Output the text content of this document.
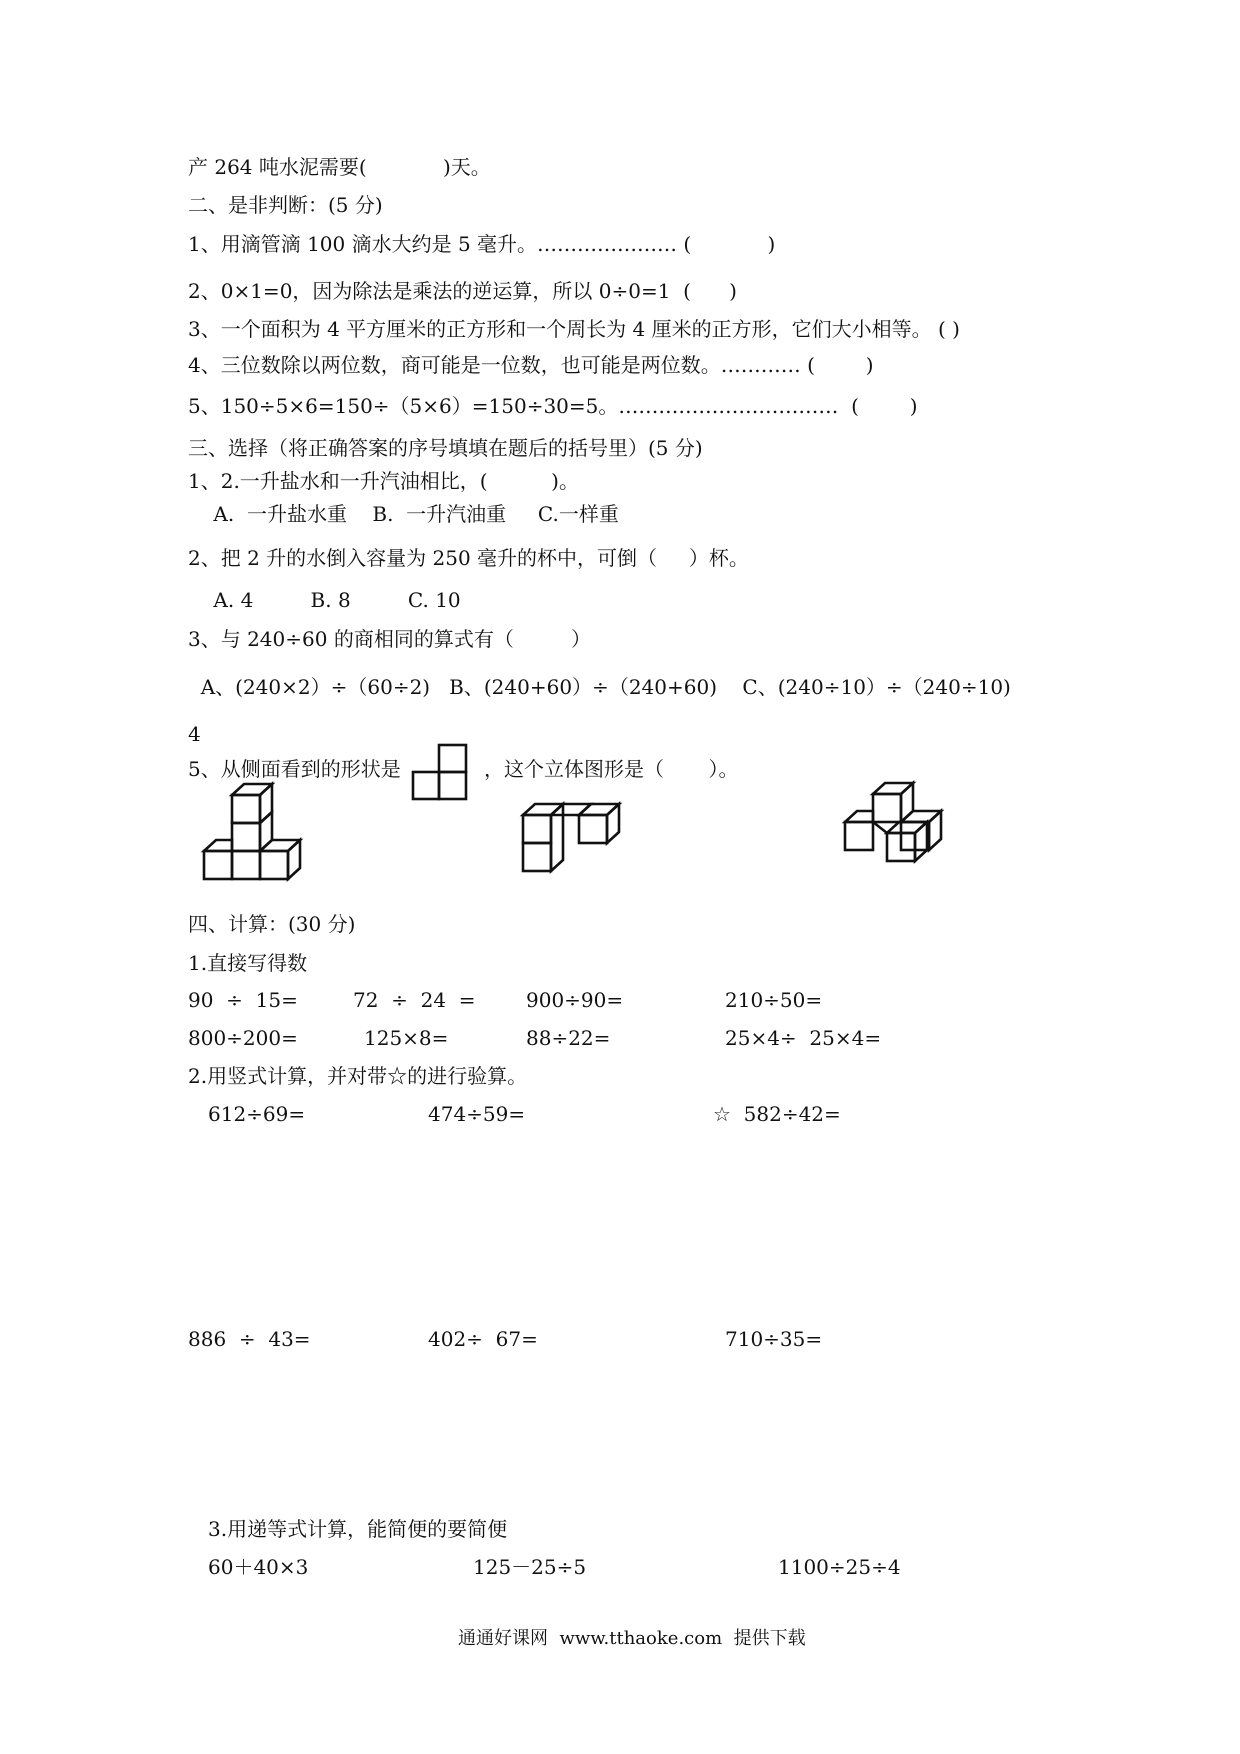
产 264 吨水泥需要(            )天。
二、是非判断：(5 分)
1、用滴管滴 100 滴水大约是 5 毫升。………………… (            )
2、0×1=0，因为除法是乘法的逆运算，所以 0÷0=1  (      )
3、一个面积为 4 平方厘米的正方形和一个周长为 4 厘米的正方形，它们大小相等。 ( )
4、三位数除以两位数，商可能是一位数，也可能是两位数。………… (        )
5、150÷5×6=150÷（5×6）=150÷30=5。……………………………  (        )
三、选择（将正确答案的序号填填在题后的括号里）(5 分)
1、2.一升盐水和一升汽油相比，(          )。
A.  一升盐水重    B.  一升汽油重     C.一样重
2、把 2 升的水倒入容量为 250 毫升的杯中，可倒（     ）杯。
A. 4         B. 8         C. 10
3、与 240÷60 的商相同的算式有（         ）
A、(240×2）÷（60÷2)   B、(240+60）÷（240+60)    C、(240÷10）÷（240÷10)
4
5、从侧面看到的形状是	，这个立体图形是（       ）。
四、计算：(30 分)
1.直接写得数
90  ÷  15=	72  ÷  24  =	900÷90=	210÷50=
800÷200=	125×8=	88÷22=	25×4÷  25×4=
2.用竖式计算，并对带☆的进行验算。
612÷69=	474÷59=	☆  582÷42=
886  ÷  43=	402÷  67=	710÷35=
3.用递等式计算，能简便的要简便
60＋40×3	125－25÷5	1100÷25÷4
通通好课网  www.tthaoke.com  提供下载
